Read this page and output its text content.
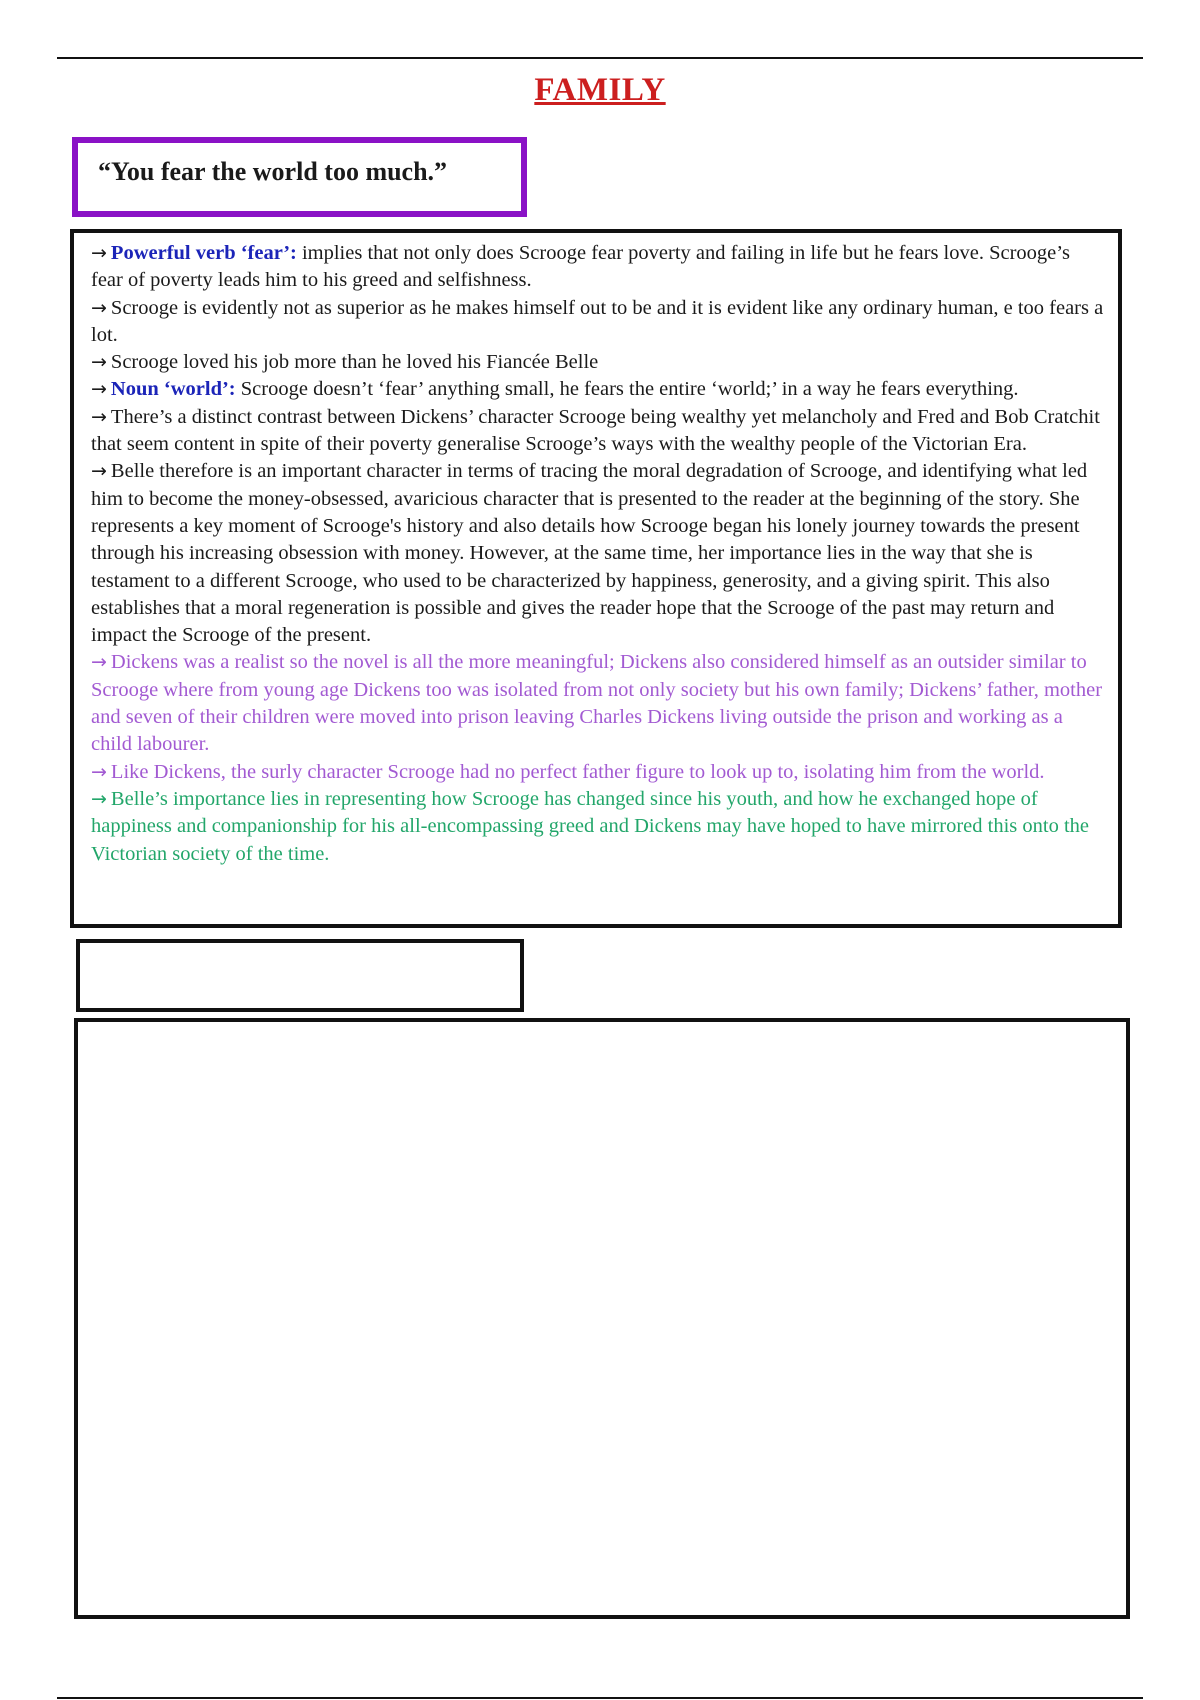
FAMILY
“You fear the world too much.”

→ Powerful verb ‘fear’: implies that not only does Scrooge fear poverty and failing in life but he fears love. Scrooge’s fear of poverty leads him to his greed and selfishness.

→ Scrooge is evidently not as superior as he makes himself out to be and it is evident like any ordinary human, e too fears a lot.

→ Scrooge loved his job more than he loved his Fiancée Belle

→ Noun ‘world’: Scrooge doesn’t ‘fear’ anything small, he fears the entire ‘world;’ in a way he fears everything.

→ There’s a distinct contrast between Dickens’ character Scrooge being wealthy yet melancholy and Fred and Bob Cratchit that seem content in spite of their poverty generalise Scrooge’s ways with the wealthy people of the Victorian Era.

→ Belle therefore is an important character in terms of tracing the moral degradation of Scrooge, and identifying what led him to become the money-obsessed, avaricious character that is presented to the reader at the beginning of the story. She represents a key moment of Scrooge's history and also details how Scrooge began his lonely journey towards the present through his increasing obsession with money. However, at the same time, her importance lies in the way that she is testament to a different Scrooge, who used to be characterized by happiness, generosity, and a giving spirit. This also establishes that a moral regeneration is possible and gives the reader hope that the Scrooge of the past may return and impact the Scrooge of the present.

→ Dickens was a realist so the novel is all the more meaningful; Dickens also considered himself as an outsider similar to Scrooge where from young age Dickens too was isolated from not only society but his own family; Dickens’ father, mother and seven of their children were moved into prison leaving Charles Dickens living outside the prison and working as a child labourer.

→ Like Dickens, the surly character Scrooge had no perfect father figure to look up to, isolating him from the world.

→ Belle’s importance lies in representing how Scrooge has changed since his youth, and how he exchanged hope of happiness and companionship for his all-encompassing greed and Dickens may have hoped to have mirrored this onto the Victorian society of the time.
